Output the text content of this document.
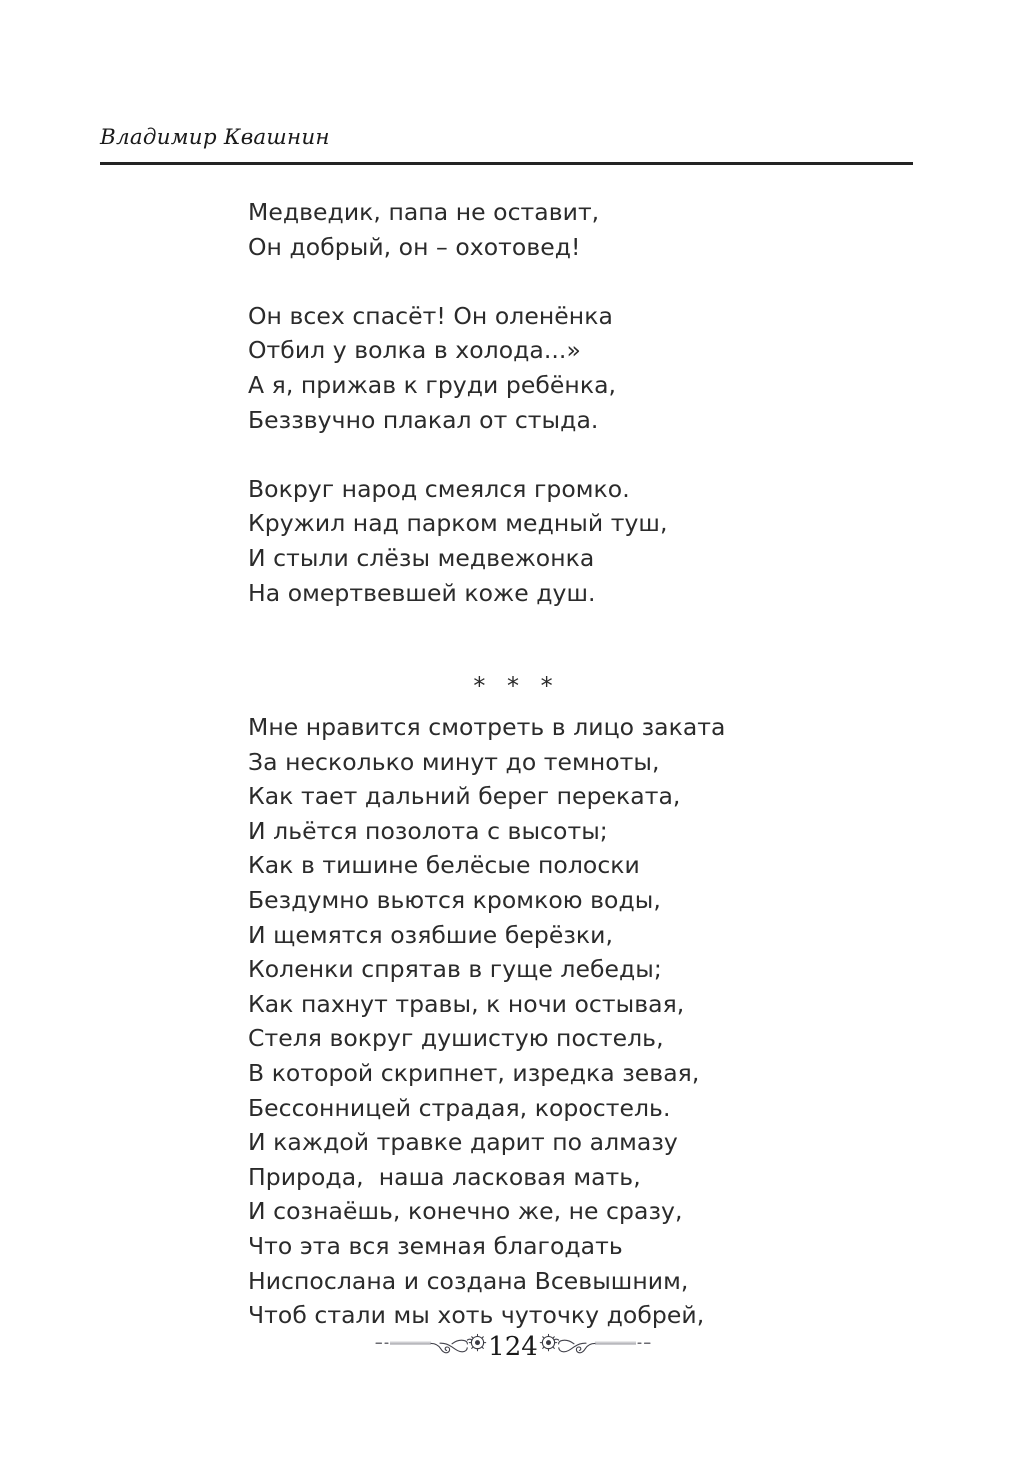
Владимир Квашнин
Медведик, папа не оставит,
Он добрый, он – охотовед!
Он всех спасёт! Он оленёнка
Отбил у волка в холода...»
А я, прижав к груди ребёнка,
Беззвучно плакал от стыда.
Вокруг народ смеялся громко.
Кружил над парком медный туш,
И стыли слёзы медвежонка
На омертвевшей коже душ.
* * *
Мне нравится смотреть в лицо заката
За несколько минут до темноты,
Как тает дальний берег переката,
И льётся позолота с высоты;
Как в тишине белёсые полоски
Бездумно вьются кромкою воды,
И щемятся озябшие берёзки,
Коленки спрятав в гуще лебеды;
Как пахнут травы, к ночи остывая,
Стеля вокруг душистую постель,
В которой скрипнет, изредка зевая,
Бессонницей страдая, коростель.
И каждой травке дарит по алмазу
Природа,  наша ласковая мать,
И сознаёшь, конечно же, не сразу,
Что эта вся земная благодать
Ниспослана и создана Всевышним,
Чтоб стали мы хоть чуточку добрей,
124
